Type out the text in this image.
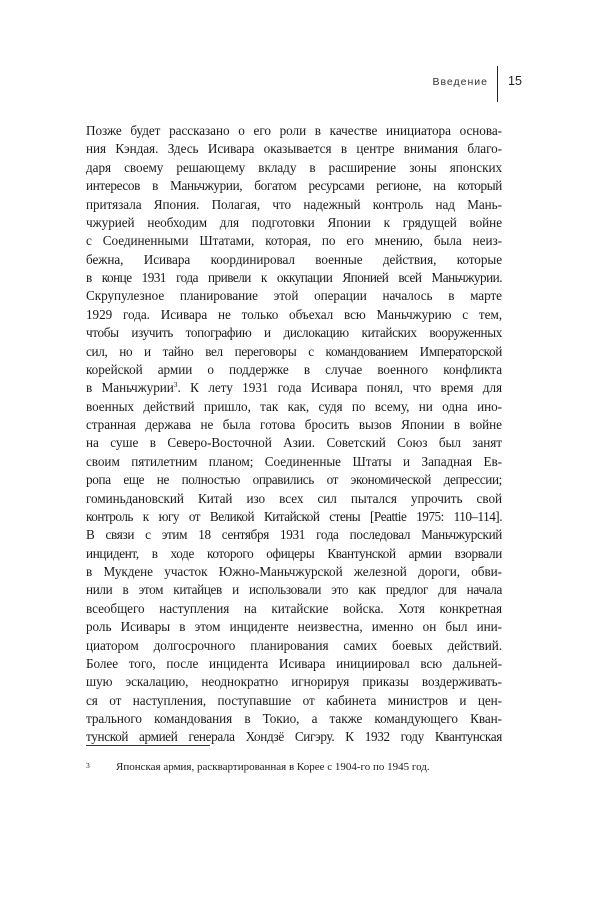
Введение 15
Позже будет рассказано о его роли в качестве инициатора основа-
ния Кэндая. Здесь Исивара оказывается в центре внимания благо-
даря своему решающему вкладу в расширение зоны японских
интересов в Маньчжурии, богатом ресурсами регионе, на который
притязала Япония. Полагая, что надежный контроль над Мань-
чжурией необходим для подготовки Японии к грядущей войне
с Соединенными Штатами, которая, по его мнению, была неиз-
бежна, Исивара координировал военные действия, которые
в конце 1931 года привели к оккупации Японией всей Маньчжурии.
Скрупулезное планирование этой операции началось в марте
1929 года. Исивара не только объехал всю Маньчжурию с тем,
чтобы изучить топографию и дислокацию китайских вооруженных
сил, но и тайно вел переговоры с командованием Императорской
корейской армии о поддержке в случае военного конфликта
в Маньчжурии$^3$. К лету 1931 года Исивара понял, что время для
военных действий пришло, так как, судя по всему, ни одна ино-
странная держава не была готова бросить вызов Японии в войне
на суше в Северо-Восточной Азии. Советский Союз был занят
своим пятилетним планом; Соединенные Штаты и Западная Ев-
ропа еще не полностью оправились от экономической депрессии;
гоминьдановский Китай изо всех сил пытался упрочить свой
контроль к югу от Великой Китайской стены [Peattie 1975: 110–114].
В связи с этим 18 сентября 1931 года последовал Маньчжурский
инцидент, в ходе которого офицеры Квантунской армии взорвали
в Мукдене участок Южно-Маньчжурской железной дороги, обви-
нили в этом китайцев и использовали это как предлог для начала
всеобщего наступления на китайские войска. Хотя конкретная
роль Исивары в этом инциденте неизвестна, именно он был ини-
циатором долгосрочного планирования самих боевых действий.
Более того, после инцидента Исивара инициировал всю дальней-
шую эскалацию, неоднократно игнорируя приказы воздерживать-
ся от наступления, поступавшие от кабинета министров и цен-
трального командования в Токио, а также командующего Кван-
тунской армией генерала Хондзё Сигэру. К 1932 году Квантунская
3 Японская армия, расквартированная в Корее с 1904-го по 1945 год.
